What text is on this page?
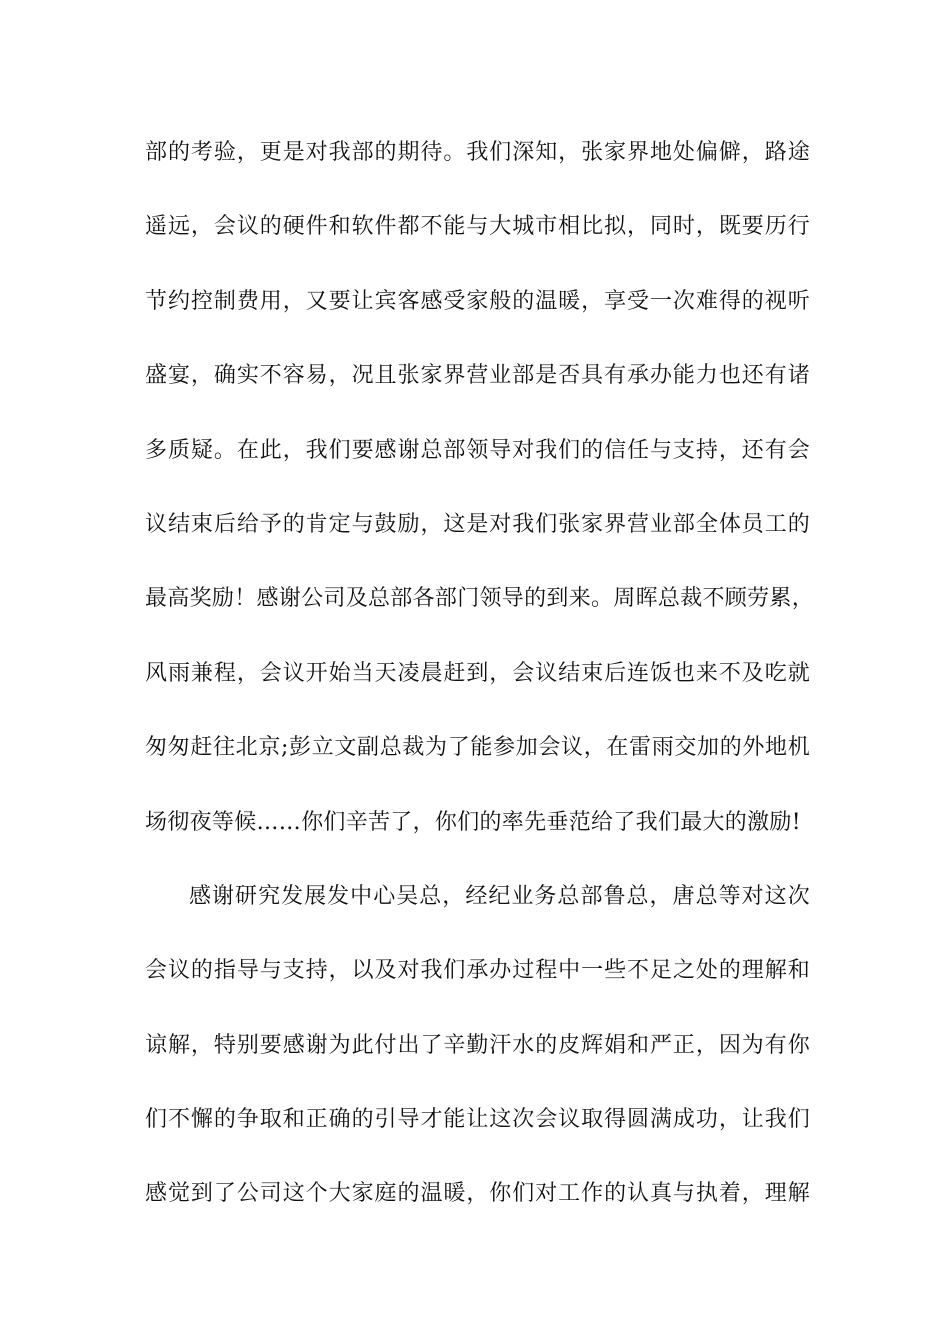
部的考验，更是对我部的期待。我们深知，张家界地处偏僻，路途
遥远，会议的硬件和软件都不能与大城市相比拟，同时，既要历行
节约控制费用，又要让宾客感受家般的温暖，享受一次难得的视听
盛宴，确实不容易，况且张家界营业部是否具有承办能力也还有诸
多质疑。在此，我们要感谢总部领导对我们的信任与支持，还有会
议结束后给予的肯定与鼓励，这是对我们张家界营业部全体员工的
最高奖励！感谢公司及总部各部门领导的到来。周晖总裁不顾劳累，
风雨兼程，会议开始当天凌晨赶到，会议结束后连饭也来不及吃就
匆匆赶往北京;彭立文副总裁为了能参加会议，在雷雨交加的外地机
场彻夜等候……你们辛苦了，你们的率先垂范给了我们最大的激励!
感谢研究发展发中心吴总，经纪业务总部鲁总，唐总等对这次
会议的指导与支持，以及对我们承办过程中一些不足之处的理解和
谅解，特别要感谢为此付出了辛勤汗水的皮辉娟和严正，因为有你
们不懈的争取和正确的引导才能让这次会议取得圆满成功，让我们
感觉到了公司这个大家庭的温暖，你们对工作的认真与执着，理解
